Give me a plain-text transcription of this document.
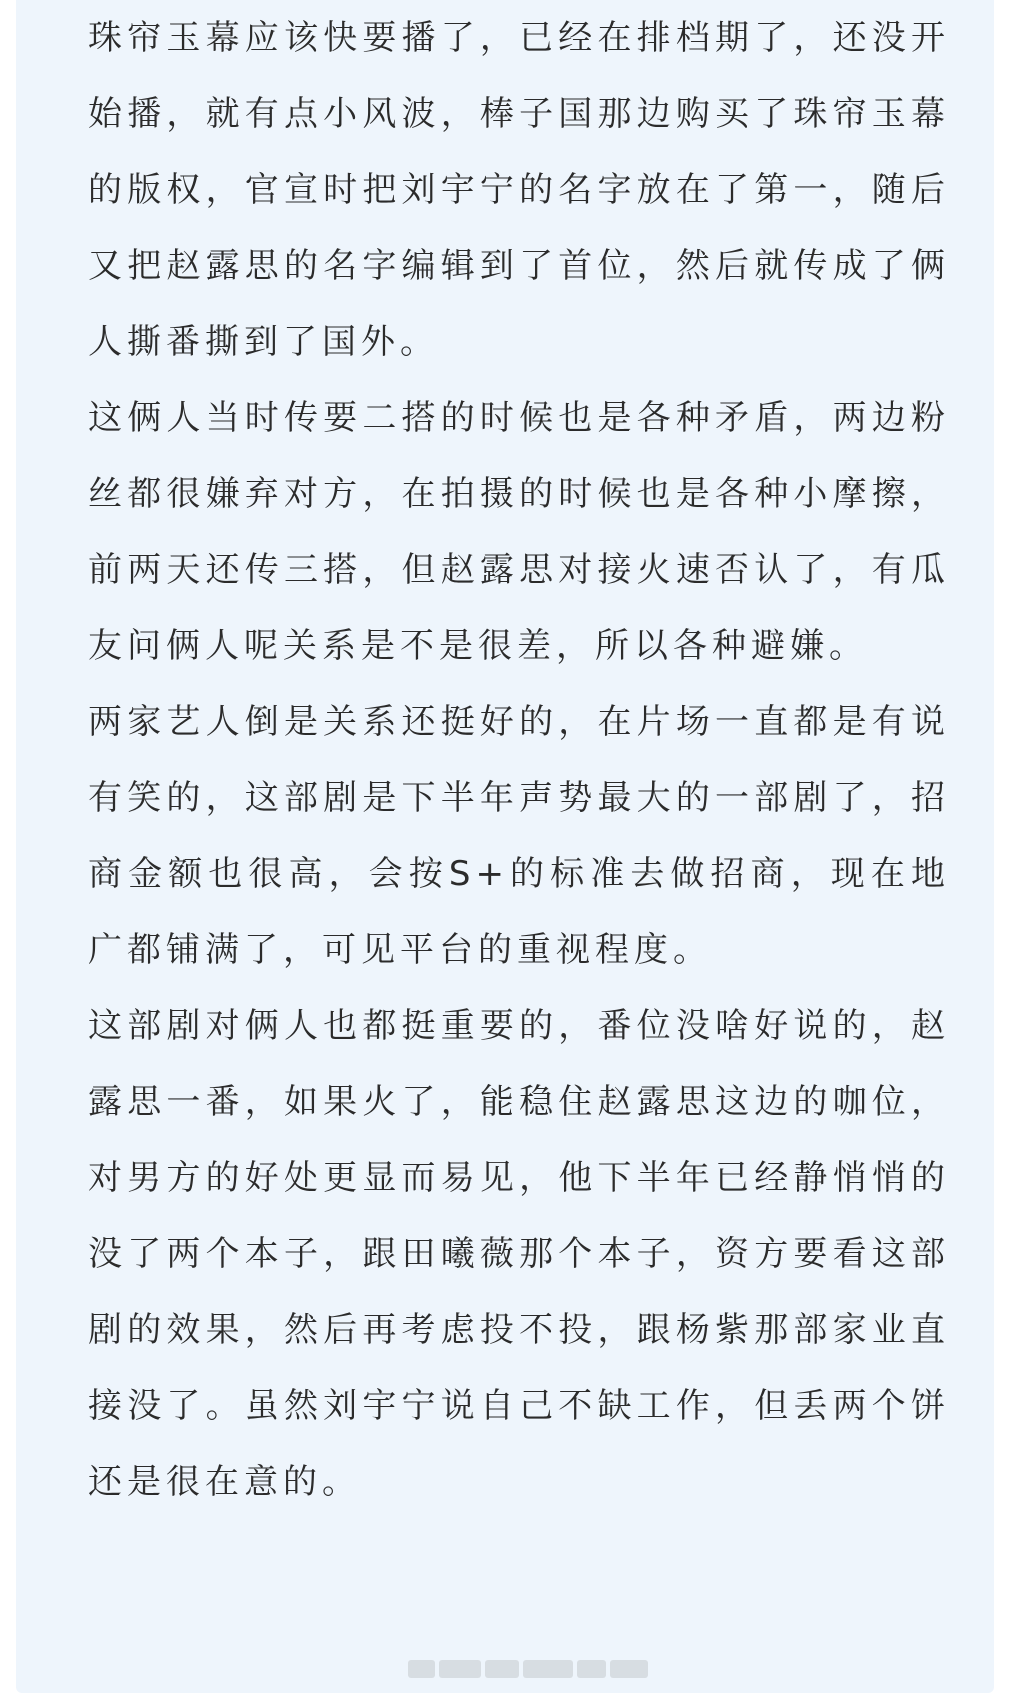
珠帘玉幕应该快要播了，已经在排档期了，还没开始播，就有点小风波，棒子国那边购买了珠帘玉幕的版权，官宣时把刘宇宁的名字放在了第一，随后又把赵露思的名字编辑到了首位，然后就传成了俩人撕番撕到了国外。

这俩人当时传要二搭的时候也是各种矛盾，两边粉丝都很嫌弃对方，在拍摄的时候也是各种小摩擦，前两天还传三搭，但赵露思对接火速否认了，有瓜友问俩人呢关系是不是很差，所以各种避嫌。

两家艺人倒是关系还挺好的，在片场一直都是有说有笑的，这部剧是下半年声势最大的一部剧了，招商金额也很高，会按S+的标准去做招商，现在地广都铺满了，可见平台的重视程度。

这部剧对俩人也都挺重要的，番位没啥好说的，赵露思一番，如果火了，能稳住赵露思这边的咖位，对男方的好处更显而易见，他下半年已经静悄悄的没了两个本子，跟田曦薇那个本子，资方要看这部剧的效果，然后再考虑投不投，跟杨紫那部家业直接没了。虽然刘宇宁说自己不缺工作，但丢两个饼还是很在意的。
